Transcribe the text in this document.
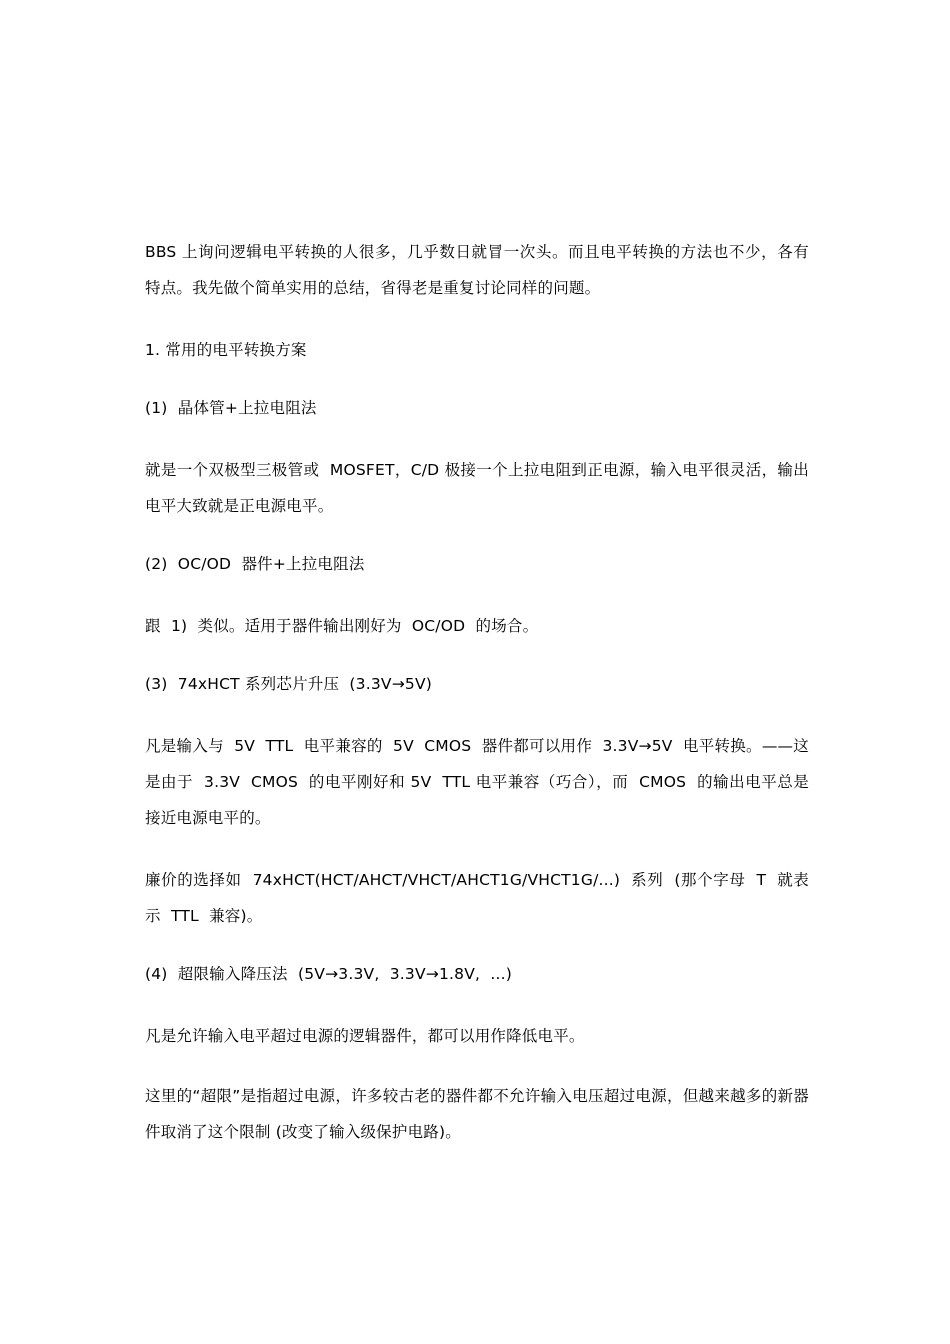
BBS 上询问逻辑电平转换的人很多，几乎数日就冒一次头。而且电平转换的方法也不少，各有特点。我先做个简单实用的总结，省得老是重复讨论同样的问题。
1. 常用的电平转换方案
(1)  晶体管+上拉电阻法
就是一个双极型三极管或  MOSFET，C/D 极接一个上拉电阻到正电源，输入电平很灵活，输出电平大致就是正电源电平。
(2)  OC/OD  器件+上拉电阻法
跟  1)  类似。适用于器件输出刚好为  OC/OD  的场合。
(3)  74xHCT 系列芯片升压  (3.3V→5V)
凡是输入与  5V  TTL  电平兼容的  5V  CMOS  器件都可以用作  3.3V→5V  电平转换。——这是由于  3.3V  CMOS  的电平刚好和 5V  TTL 电平兼容（巧合），而  CMOS  的输出电平总是接近电源电平的。
廉价的选择如  74xHCT(HCT/AHCT/VHCT/AHCT1G/VHCT1G/...)  系列  (那个字母  T  就表示  TTL  兼容)。
(4)  超限输入降压法  (5V→3.3V,  3.3V→1.8V,  ...)
凡是允许输入电平超过电源的逻辑器件，都可以用作降低电平。
这里的“超限”是指超过电源，许多较古老的器件都不允许输入电压超过电源，但越来越多的新器件取消了这个限制 (改变了输入级保护电路)。
